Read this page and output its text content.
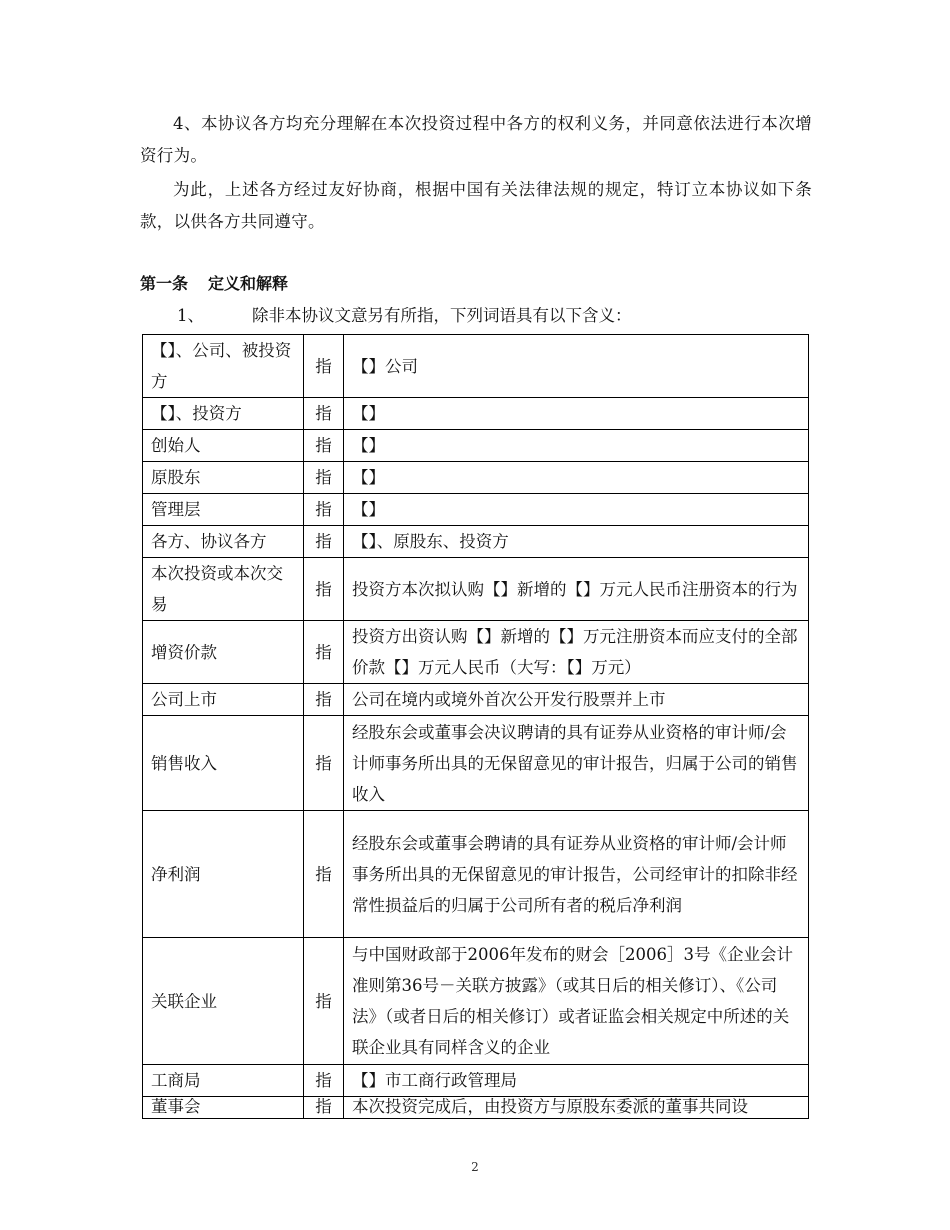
4、本协议各方均充分理解在本次投资过程中各方的权利义务，并同意依法进行本次增资行为。

为此，上述各方经过友好协商，根据中国有关法律法规的规定，特订立本协议如下条款，以供各方共同遵守。

第一条 定义和解释

1、	除非本协议文意另有所指，下列词语具有以下含义：

【】、公司、被投资方	指	【】公司
【】、投资方	指	【】
创始人	指	【】
原股东	指	【】
管理层	指	【】
各方、协议各方	指	【】、原股东、投资方
本次投资或本次交易	指	投资方本次拟认购【】新增的【】万元人民币注册资本的行为
增资价款	指	投资方出资认购【】新增的【】万元注册资本而应支付的全部价款【】万元人民币（大写：【】万元）
公司上市	指	公司在境内或境外首次公开发行股票并上市
销售收入	指	经股东会或董事会决议聘请的具有证券从业资格的审计师/会计师事务所出具的无保留意见的审计报告，归属于公司的销售收入
净利润	指	经股东会或董事会聘请的具有证券从业资格的审计师/会计师事务所出具的无保留意见的审计报告，公司经审计的扣除非经常性损益后的归属于公司所有者的税后净利润
关联企业	指	与中国财政部于2006年发布的财会［2006］3号《企业会计准则第36号－关联方披露》（或其日后的相关修订）、《公司法》（或者日后的相关修订）或者证监会相关规定中所述的关联企业具有同样含义的企业
工商局	指	【】市工商行政管理局
董事会	指	本次投资完成后，由投资方与原股东委派的董事共同设
2
